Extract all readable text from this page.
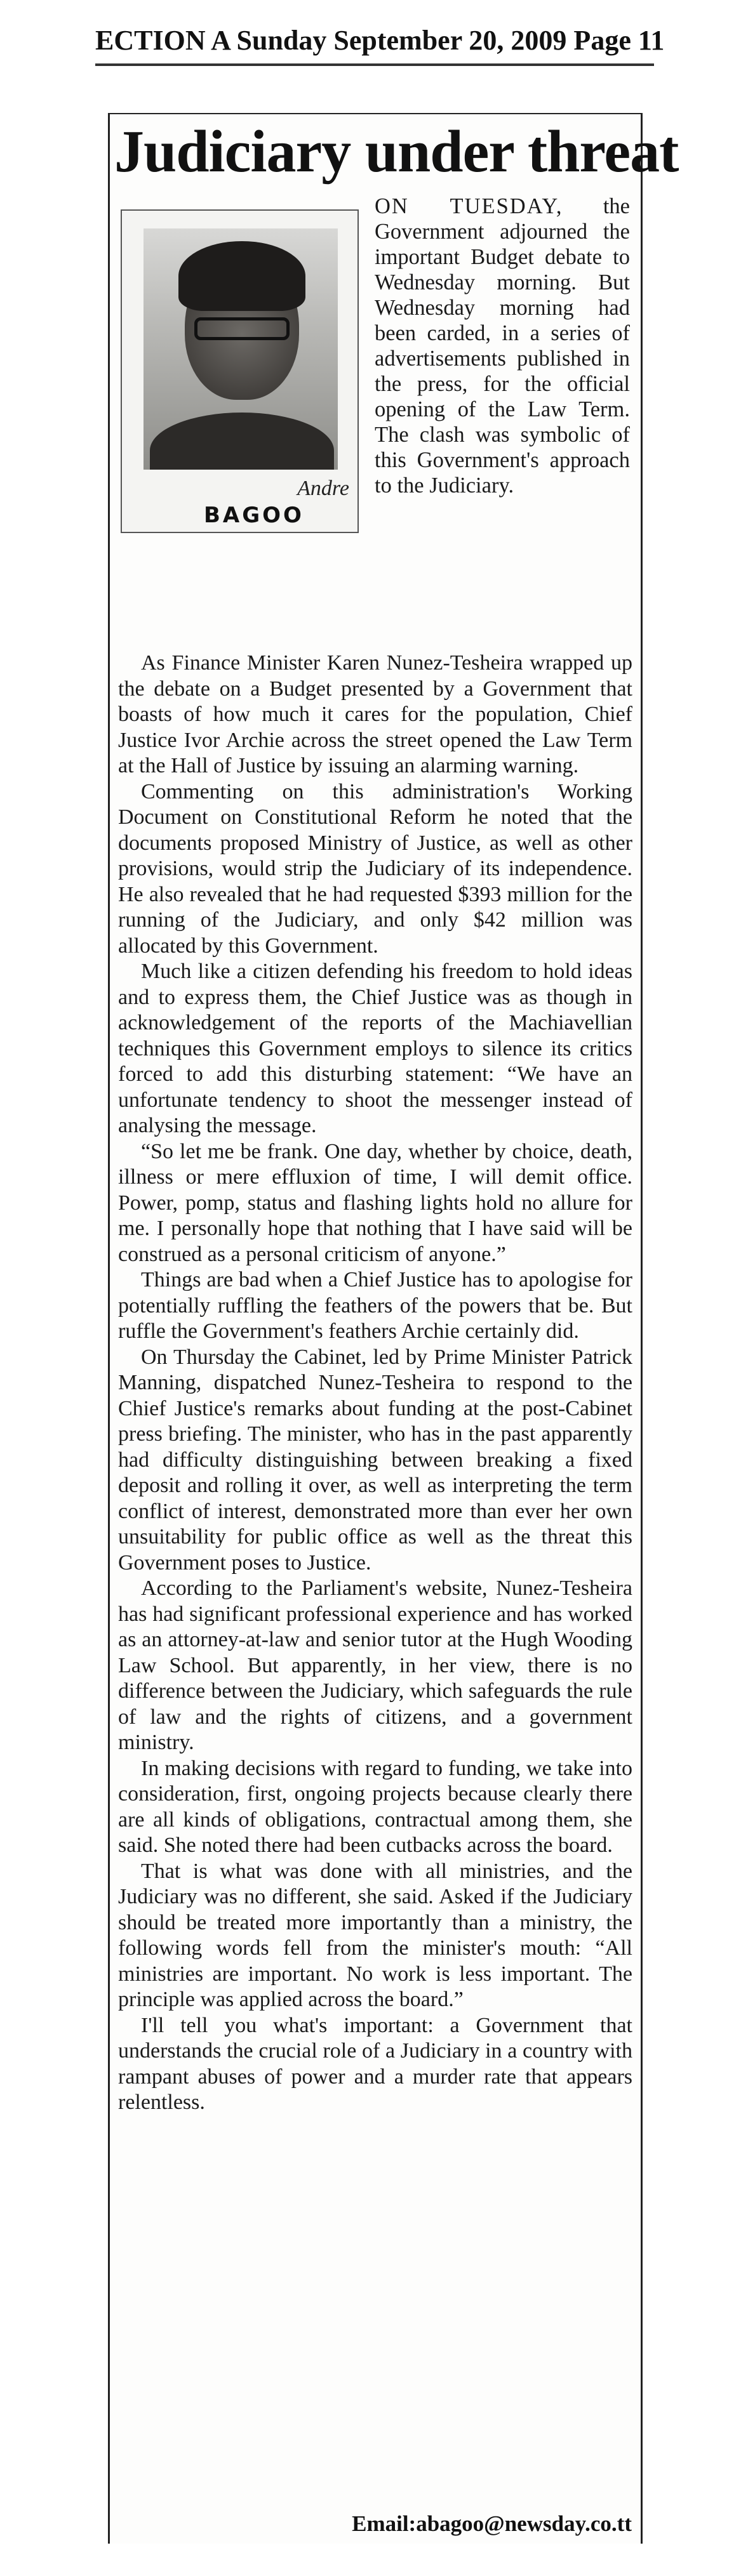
ECTION A Sunday September 20, 2009 Page 11
Judiciary under threat
Andre
BAGOO

ON TUESDAY, the Government adjourned the important Budget debate to Wednesday morning. But Wednesday morning had been carded, in a series of advertisements published in the press, for the official opening of the Law Term. The clash was symbolic of this Government's approach to the Judiciary.

As Finance Minister Karen Nunez-Tesheira wrapped up the debate on a Budget presented by a Government that boasts of how much it cares for the population, Chief Justice Ivor Archie across the street opened the Law Term at the Hall of Justice by issuing an alarming warning.

Commenting on this administration's Working Document on Constitutional Reform he noted that the documents proposed Ministry of Justice, as well as other provisions, would strip the Judiciary of its independence. He also revealed that he had requested $393 million for the running of the Judiciary, and only $42 million was allocated by this Government.

Much like a citizen defending his freedom to hold ideas and to express them, the Chief Justice was as though in acknowledgement of the reports of the Machiavellian techniques this Government employs to silence its critics forced to add this disturbing statement: “We have an unfortunate tendency to shoot the messenger instead of analysing the message.

“So let me be frank. One day, whether by choice, death, illness or mere effluxion of time, I will demit office. Power, pomp, status and flashing lights hold no allure for me. I personally hope that nothing that I have said will be construed as a personal criticism of anyone.”

Things are bad when a Chief Justice has to apologise for potentially ruffling the feathers of the powers that be. But ruffle the Government's feathers Archie certainly did.

On Thursday the Cabinet, led by Prime Minister Patrick Manning, dispatched Nunez-Tesheira to respond to the Chief Justice's remarks about funding at the post-Cabinet press briefing. The minister, who has in the past apparently had difficulty distinguishing between breaking a fixed deposit and rolling it over, as well as interpreting the term conflict of interest, demonstrated more than ever her own unsuitability for public office as well as the threat this Government poses to Justice.

According to the Parliament's website, Nunez-Tesheira has had significant professional experience and has worked as an attorney-at-law and senior tutor at the Hugh Wooding Law School. But apparently, in her view, there is no difference between the Judiciary, which safeguards the rule of law and the rights of citizens, and a government ministry.

In making decisions with regard to funding, we take into consideration, first, ongoing projects because clearly there are all kinds of obligations, contractual among them, she said. She noted there had been cutbacks across the board.

That is what was done with all ministries, and the Judiciary was no different, she said. Asked if the Judiciary should be treated more importantly than a ministry, the following words fell from the minister's mouth: “All ministries are important. No work is less important. The principle was applied across the board.”

I'll tell you what's important: a Government that understands the crucial role of a Judiciary in a country with rampant abuses of power and a murder rate that appears relentless.

Email:abagoo@newsday.co.tt
